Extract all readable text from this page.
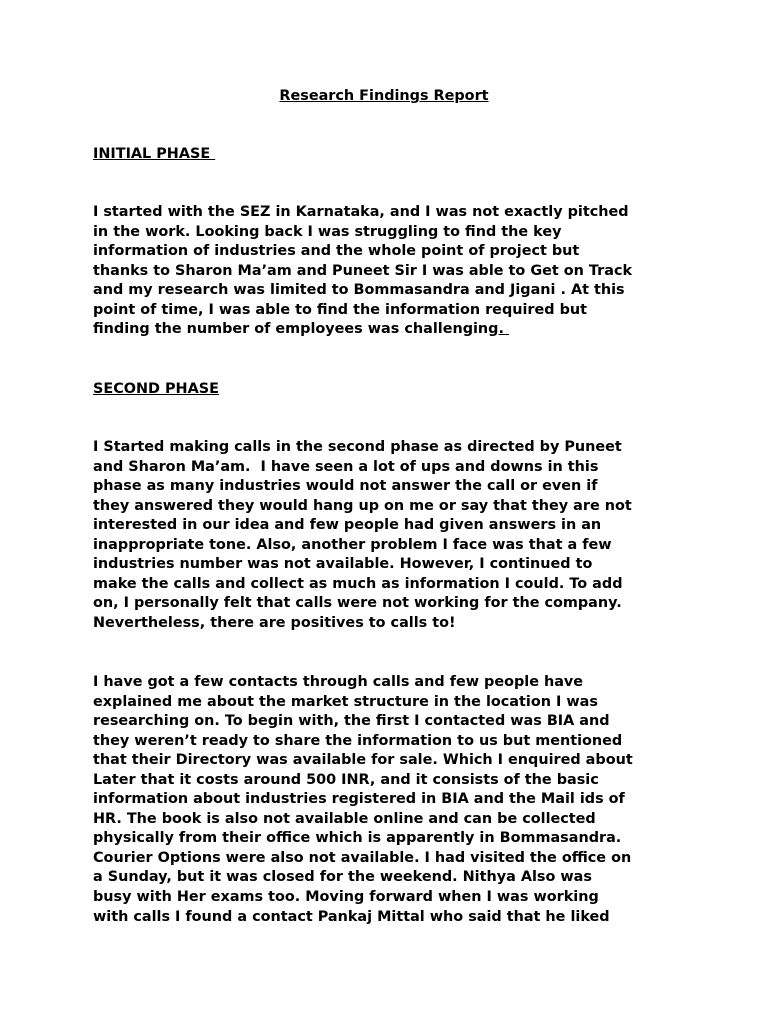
Research Findings Report
INITIAL PHASE
I started with the SEZ in Karnataka, and I was not exactly pitched
in the work. Looking back I was struggling to find the key
information of industries and the whole point of project but
thanks to Sharon Ma’am and Puneet Sir I was able to Get on Track
and my research was limited to Bommasandra and Jigani . At this
point of time, I was able to find the information required but
finding the number of employees was challenging.
SECOND PHASE
I Started making calls in the second phase as directed by Puneet
and Sharon Ma’am.  I have seen a lot of ups and downs in this
phase as many industries would not answer the call or even if
they answered they would hang up on me or say that they are not
interested in our idea and few people had given answers in an
inappropriate tone. Also, another problem I face was that a few
industries number was not available. However, I continued to
make the calls and collect as much as information I could. To add
on, I personally felt that calls were not working for the company.
Nevertheless, there are positives to calls to!
I have got a few contacts through calls and few people have
explained me about the market structure in the location I was
researching on. To begin with, the first I contacted was BIA and
they weren’t ready to share the information to us but mentioned
that their Directory was available for sale. Which I enquired about
Later that it costs around 500 INR, and it consists of the basic
information about industries registered in BIA and the Mail ids of
HR. The book is also not available online and can be collected
physically from their office which is apparently in Bommasandra.
Courier Options were also not available. I had visited the office on
a Sunday, but it was closed for the weekend. Nithya Also was
busy with Her exams too. Moving forward when I was working
with calls I found a contact Pankaj Mittal who said that he liked
